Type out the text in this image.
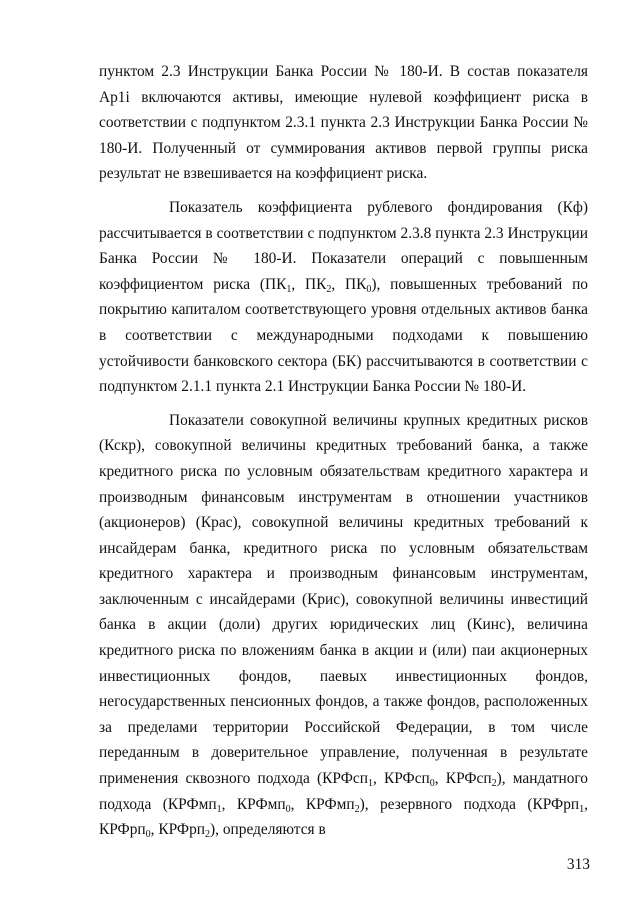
пунктом 2.3 Инструкции Банка России № 180-И. В состав показателя Ар1i включаются активы, имеющие нулевой коэффициент риска в соответствии с подпунктом 2.3.1 пункта 2.3 Инструкции Банка России № 180-И. Полученный от суммирования активов первой группы риска результат не взвешивается на коэффициент риска.

Показатель коэффициента рублевого фондирования (Кф) рассчитывается в соответствии с подпунктом 2.3.8 пункта 2.3 Инструкции Банка России № 180-И. Показатели операций с повышенным коэффициентом риска ($ПК_1$, $ПК_2$, $ПК_0$), повышенных требований по покрытию капиталом соответствующего уровня отдельных активов банка в соответствии с международными подходами к повышению устойчивости банковского сектора (БК) рассчитываются в соответствии с подпунктом 2.1.1 пункта 2.1 Инструкции Банка России № 180-И.

Показатели совокупной величины крупных кредитных рисков (Кскр), совокупной величины кредитных требований банка, а также кредитного риска по условным обязательствам кредитного характера и производным финансовым инструментам в отношении участников (акционеров) (Крас), совокупной величины кредитных требований к инсайдерам банка, кредитного риска по условным обязательствам кредитного характера и производным финансовым инструментам, заключенным с инсайдерами (Крис), совокупной величины инвестиций банка в акции (доли) других юридических лиц (Кинс), величина кредитного риска по вложениям банка в акции и (или) паи акционерных инвестиционных фондов, паевых инвестиционных фондов, негосударственных пенсионных фондов, а также фондов, расположенных за пределами территории Российской Федерации, в том числе переданным в доверительное управление, полученная в результате применения сквозного подхода (КРФсп$_1$, КРФсп$_0$, КРФсп$_2$), мандатного подхода (КРФмп$_1$, КРФмп$_0$, КРФмп$_2$), резервного подхода (КРФрп$_1$, КРФрп$_0$, КРФрп$_2$), определяются в

313
